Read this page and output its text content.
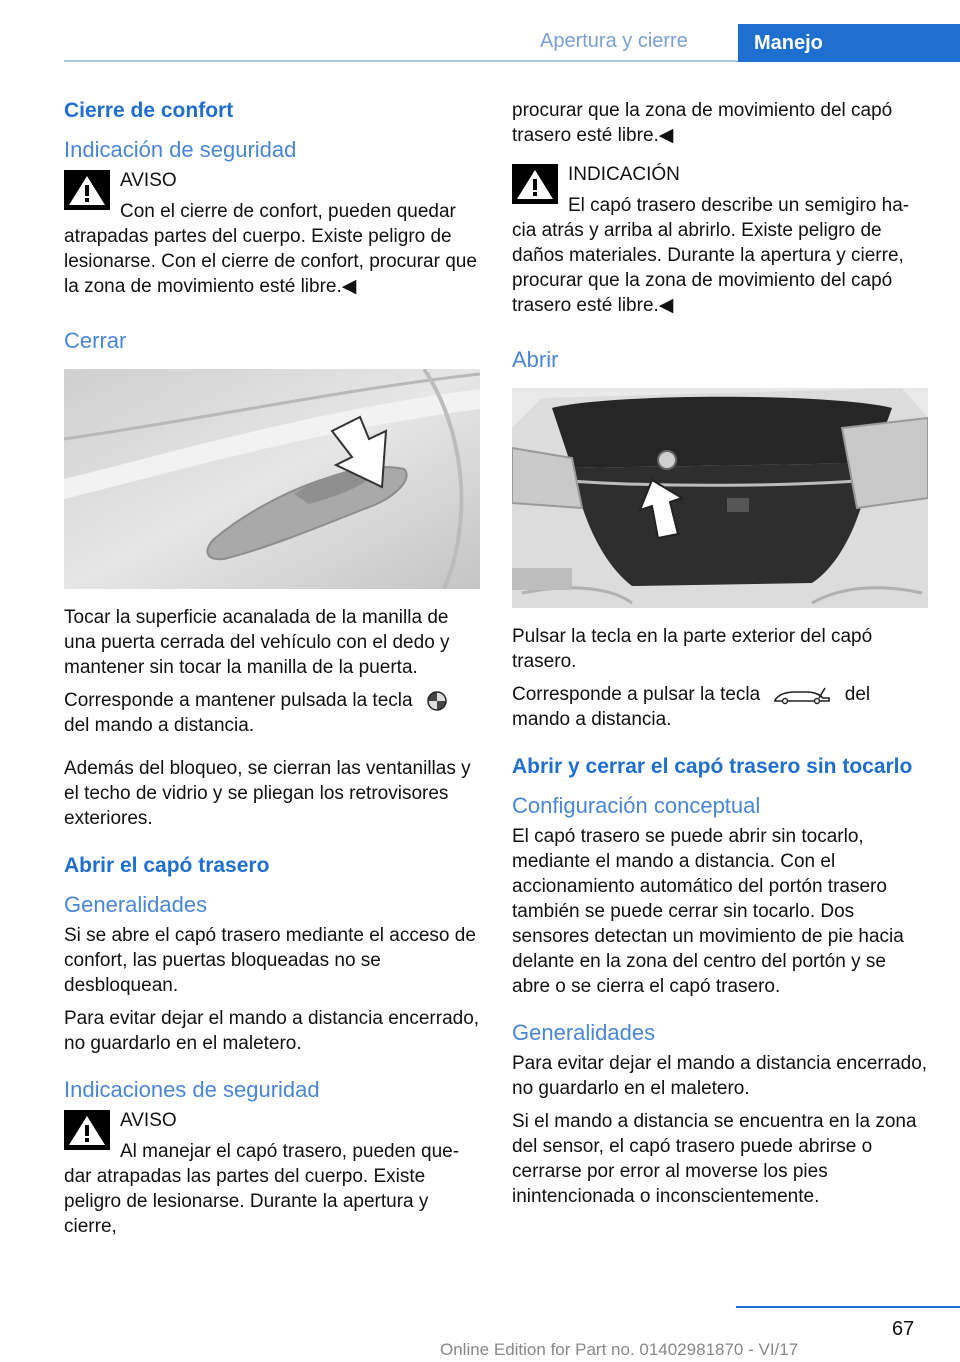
Apertura y cierre	Manejo
Cierre de confort
Indicación de seguridad
AVISO

Con el cierre de confort, pueden quedar

atrapadas partes del cuerpo. Existe peligro de lesionarse. Con el cierre de confort, procurar que la zona de movimiento esté libre.◀

Cerrar

Tocar la superficie acanalada de la manilla de una puerta cerrada del vehículo con el dedo y mantener sin tocar la manilla de la puerta.

Corresponde a mantener pulsada la tecla
del mando a distancia.

Además del bloqueo, se cierran las ventanillas y el techo de vidrio y se pliegan los retrovisores exteriores.

Abrir el capó trasero
Generalidades

Si se abre el capó trasero mediante el acceso de confort, las puertas bloqueadas no se desbloquean.

Para evitar dejar el mando a distancia encerrado, no guardarlo en el maletero.

Indicaciones de seguridad
AVISO

Al manejar el capó trasero, pueden que-

dar atrapadas las partes del cuerpo. Existe peligro de lesionarse. Durante la apertura y cierre,

procurar que la zona de movimiento del capó trasero esté libre.◀

INDICACIÓN

El capó trasero describe un semigiro ha-

cia atrás y arriba al abrirlo. Existe peligro de daños materiales. Durante la apertura y cierre, procurar que la zona de movimiento del capó trasero esté libre.◀

Abrir

Pulsar la tecla en la parte exterior del capó trasero.

Corresponde a pulsar la tecla	del
mando a distancia.

Abrir y cerrar el capó trasero sin tocarlo
Configuración conceptual

El capó trasero se puede abrir sin tocarlo, mediante el mando a distancia. Con el accionamiento automático del portón trasero también se puede cerrar sin tocarlo. Dos sensores detectan un movimiento de pie hacia delante en la zona del centro del portón y se abre o se cierra el capó trasero.

Generalidades

Para evitar dejar el mando a distancia encerrado, no guardarlo en el maletero.

Si el mando a distancia se encuentra en la zona del sensor, el capó trasero puede abrirse o cerrarse por error al moverse los pies inintencionada o inconscientemente.

67
Online Edition for Part no. 01402981870 - VI/17
